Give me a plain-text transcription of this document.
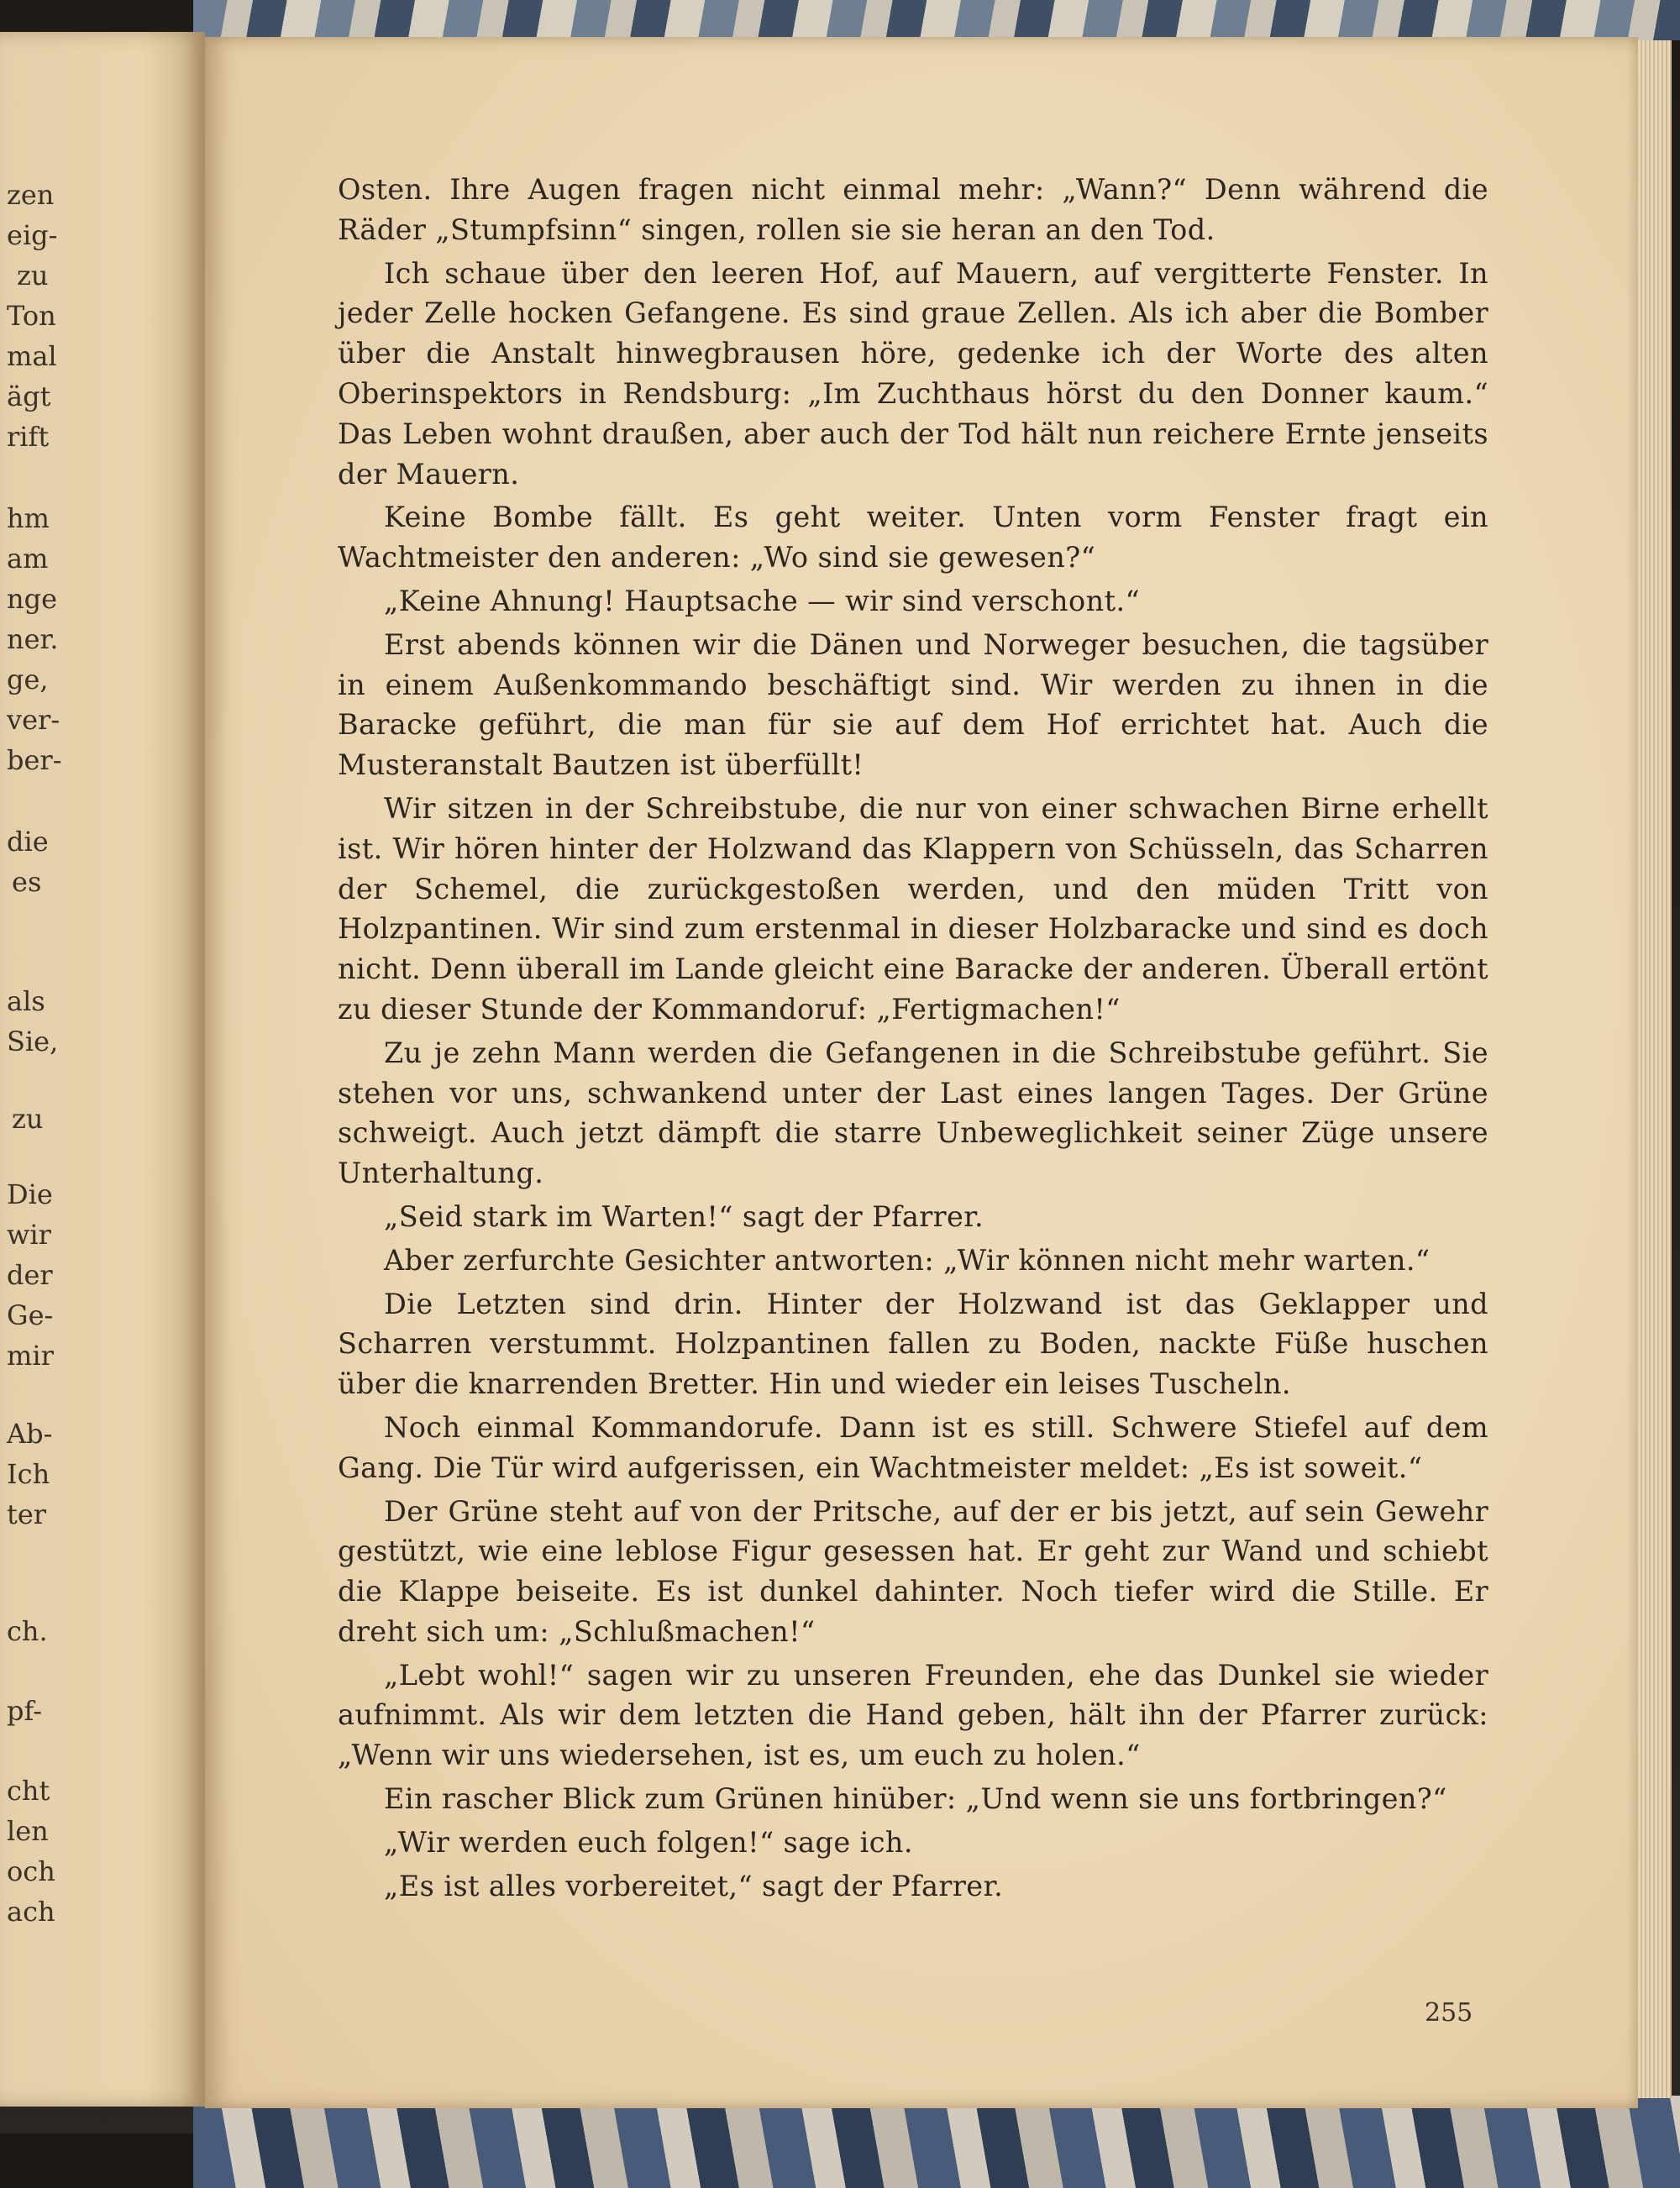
zen
eig-
zu
Ton
mal
ägt
rift
hm
am
nge
ner.
ge,
ver-
ber-
die
es
als
Sie,
zu
Die
wir
der
Ge-
mir
Ab-
Ich
ter
ch.
pf-
cht
len
och
ach

Osten. Ihre Augen fragen nicht einmal mehr: „Wann?“ Denn während die Räder „Stumpfsinn“ singen, rollen sie sie heran an den Tod.

Ich schaue über den leeren Hof, auf Mauern, auf vergitterte Fenster. In jeder Zelle hocken Gefangene. Es sind graue Zellen. Als ich aber die Bomber über die Anstalt hinwegbrausen höre, gedenke ich der Worte des alten Oberinspektors in Rendsburg: „Im Zuchthaus hörst du den Donner kaum.“ Das Leben wohnt draußen, aber auch der Tod hält nun reichere Ernte jenseits der Mauern.

Keine Bombe fällt. Es geht weiter. Unten vorm Fenster fragt ein Wachtmeister den anderen: „Wo sind sie gewesen?“

„Keine Ahnung! Hauptsache — wir sind verschont.“

Erst abends können wir die Dänen und Norweger besuchen, die tagsüber in einem Außenkommando beschäftigt sind. Wir werden zu ihnen in die Baracke geführt, die man für sie auf dem Hof errichtet hat. Auch die Musteranstalt Bautzen ist überfüllt!

Wir sitzen in der Schreibstube, die nur von einer schwachen Birne erhellt ist. Wir hören hinter der Holzwand das Klappern von Schüsseln, das Scharren der Schemel, die zurückgestoßen werden, und den müden Tritt von Holzpantinen. Wir sind zum erstenmal in dieser Holzbaracke und sind es doch nicht. Denn überall im Lande gleicht eine Baracke der anderen. Überall ertönt zu dieser Stunde der Kommandoruf: „Fertigmachen!“

Zu je zehn Mann werden die Gefangenen in die Schreibstube geführt. Sie stehen vor uns, schwankend unter der Last eines langen Tages. Der Grüne schweigt. Auch jetzt dämpft die starre Unbeweglichkeit seiner Züge unsere Unterhaltung.

„Seid stark im Warten!“ sagt der Pfarrer.

Aber zerfurchte Gesichter antworten: „Wir können nicht mehr warten.“

Die Letzten sind drin. Hinter der Holzwand ist das Geklapper und Scharren verstummt. Holzpantinen fallen zu Boden, nackte Füße huschen über die knarrenden Bretter. Hin und wieder ein leises Tuscheln.

Noch einmal Kommandorufe. Dann ist es still. Schwere Stiefel auf dem Gang. Die Tür wird aufgerissen, ein Wachtmeister meldet: „Es ist soweit.“

Der Grüne steht auf von der Pritsche, auf der er bis jetzt, auf sein Gewehr gestützt, wie eine leblose Figur gesessen hat. Er geht zur Wand und schiebt die Klappe beiseite. Es ist dunkel dahinter. Noch tiefer wird die Stille. Er dreht sich um: „Schlußmachen!“

„Lebt wohl!“ sagen wir zu unseren Freunden, ehe das Dunkel sie wieder aufnimmt. Als wir dem letzten die Hand geben, hält ihn der Pfarrer zurück: „Wenn wir uns wiedersehen, ist es, um euch zu holen.“

Ein rascher Blick zum Grünen hinüber: „Und wenn sie uns fortbringen?“

„Wir werden euch folgen!“ sage ich.

„Es ist alles vorbereitet,“ sagt der Pfarrer.

255
